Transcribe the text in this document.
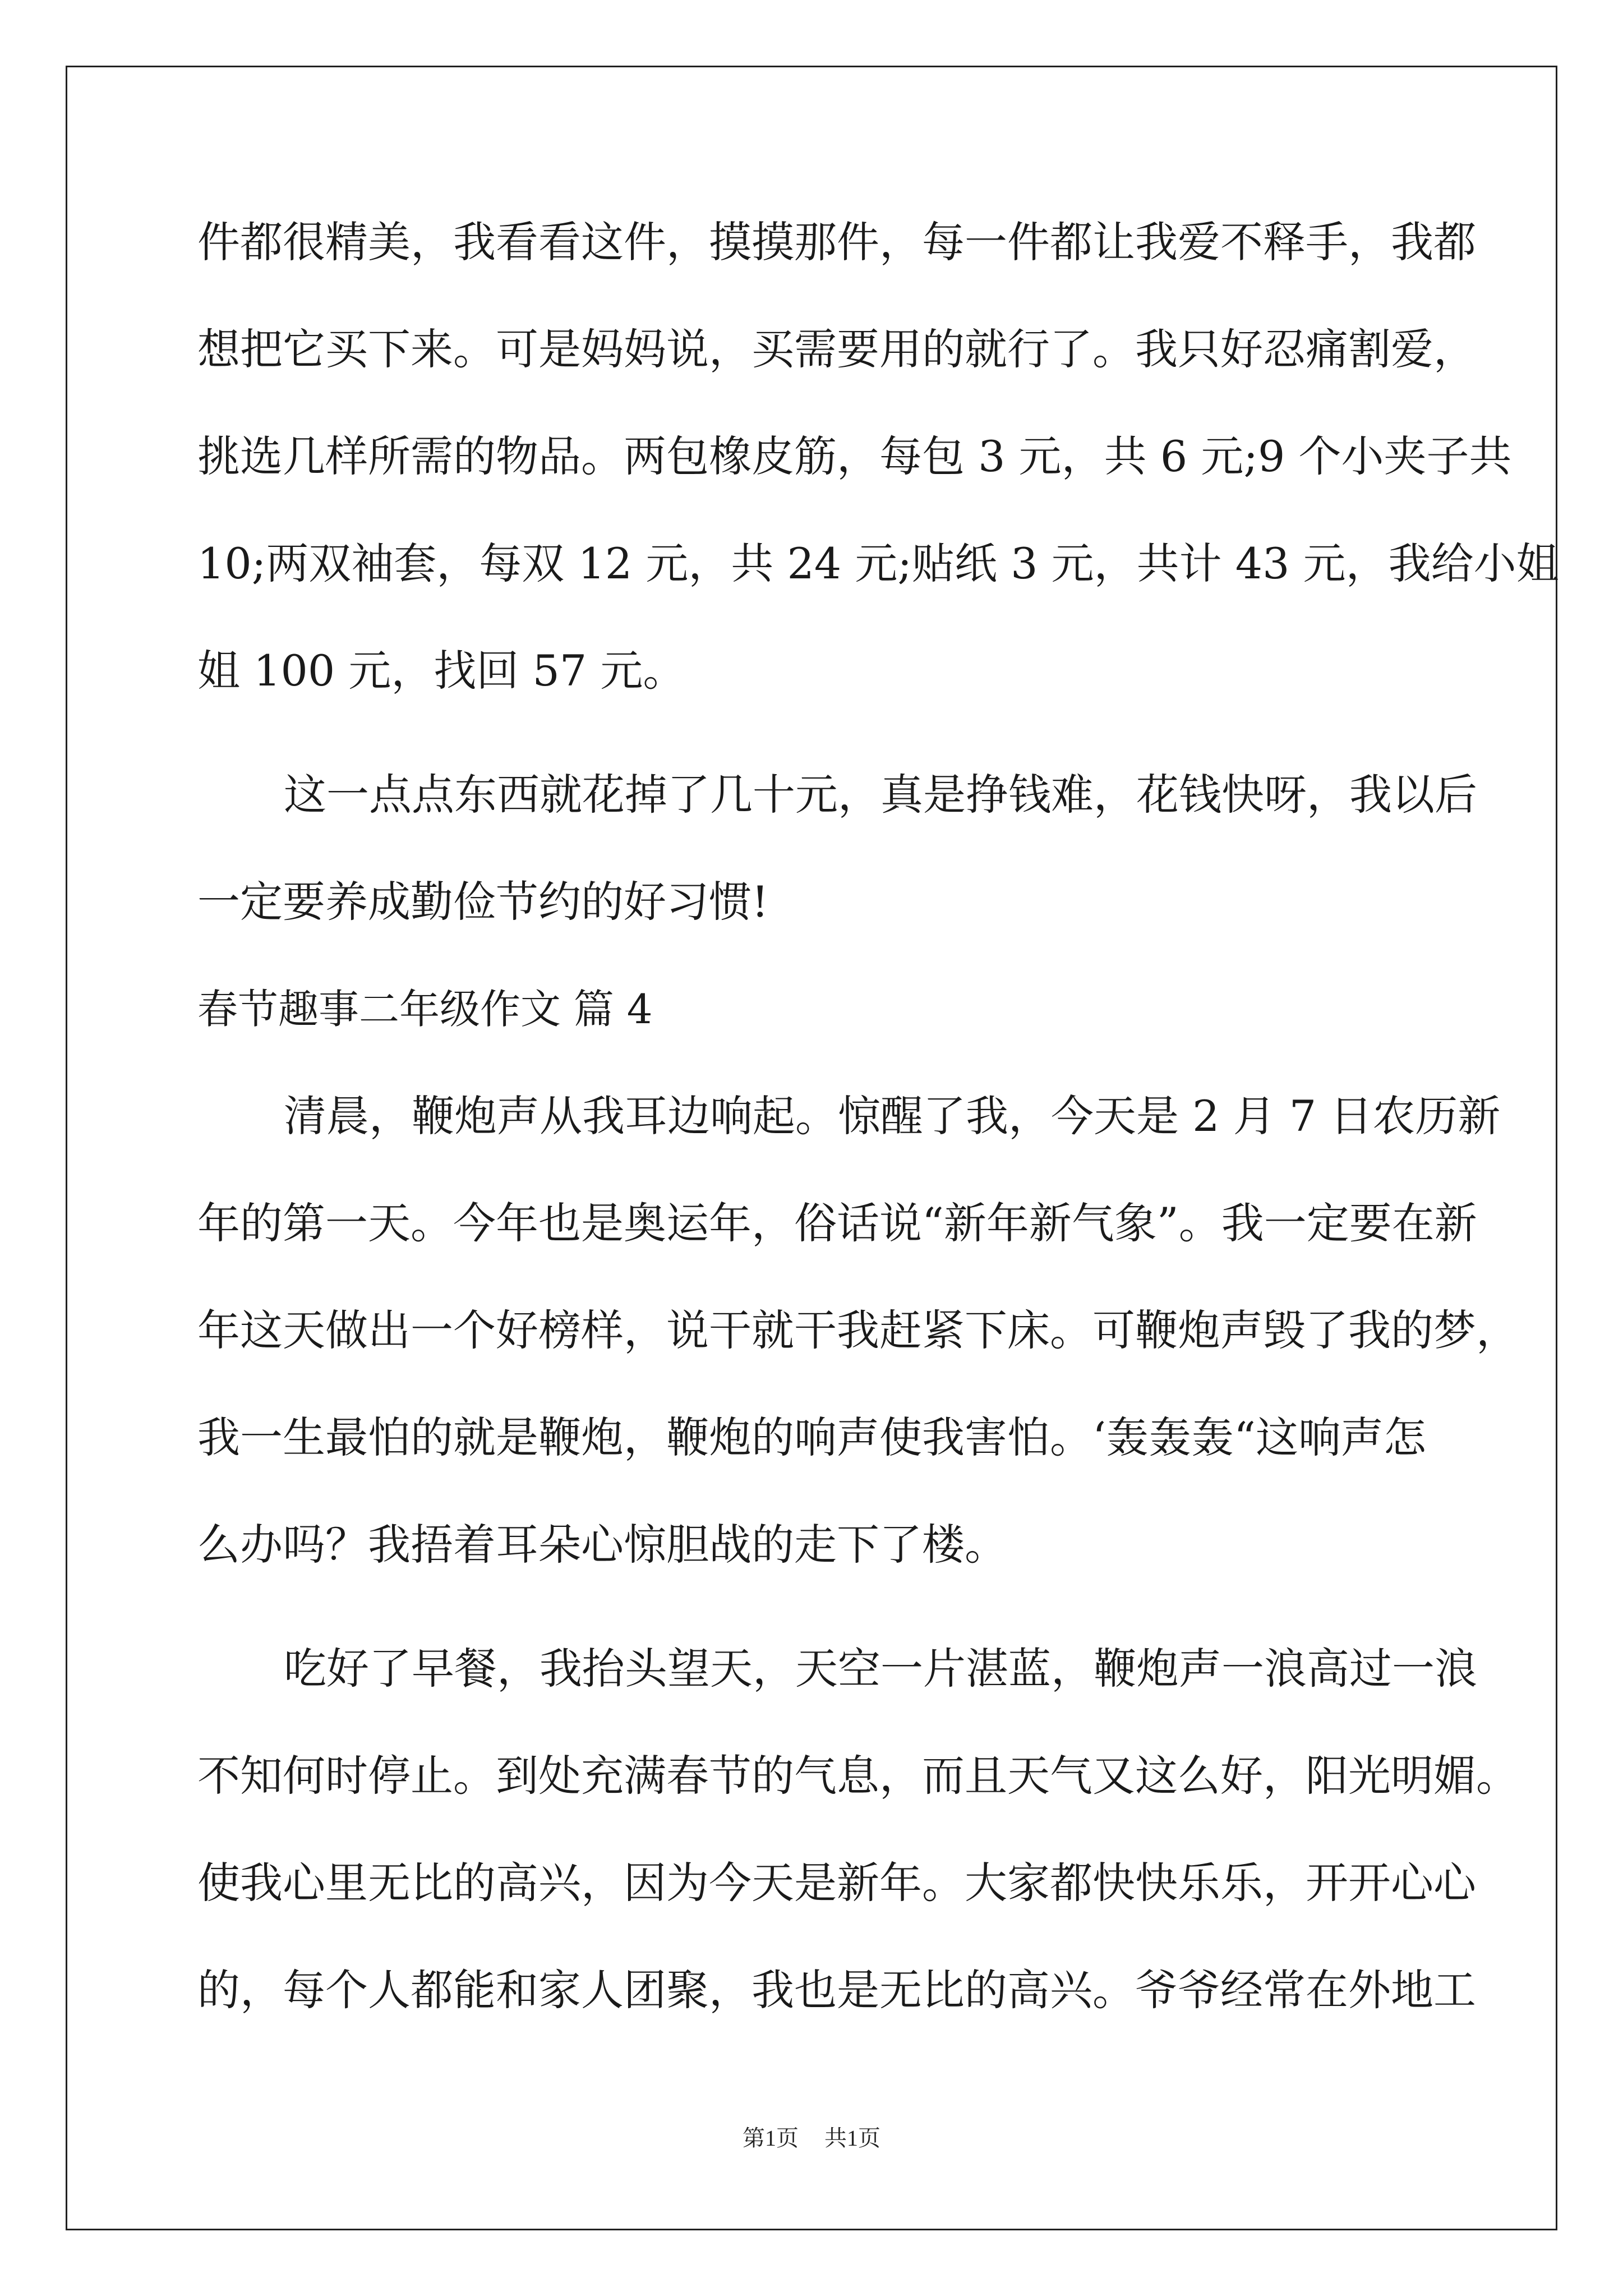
件都很精美，我看看这件，摸摸那件，每一件都让我爱不释手，我都
想把它买下来。可是妈妈说，买需要用的就行了。我只好忍痛割爱，
挑选几样所需的物品。两包橡皮筋，每包 3 元，共 6 元;9 个小夹子共
10;两双袖套，每双 12 元，共 24 元;贴纸 3 元，共计 43 元，我给小姐
姐 100 元，找回 57 元。
这一点点东西就花掉了几十元，真是挣钱难，花钱快呀，我以后
一定要养成勤俭节约的好习惯!
春节趣事二年级作文 篇 4
清晨，鞭炮声从我耳边响起。惊醒了我，今天是 2 月 7 日农历新
年的第一天。今年也是奥运年，俗话说“新年新气象”。我一定要在新
年这天做出一个好榜样，说干就干我赶紧下床。可鞭炮声毁了我的梦，
我一生最怕的就是鞭炮，鞭炮的响声使我害怕。‘轰轰轰“这响声怎
么办吗？我捂着耳朵心惊胆战的走下了楼。
吃好了早餐，我抬头望天，天空一片湛蓝，鞭炮声一浪高过一浪
不知何时停止。到处充满春节的气息，而且天气又这么好，阳光明媚。
使我心里无比的高兴，因为今天是新年。大家都快快乐乐，开开心心
的，每个人都能和家人团聚，我也是无比的高兴。爷爷经常在外地工
第1页 共1页
